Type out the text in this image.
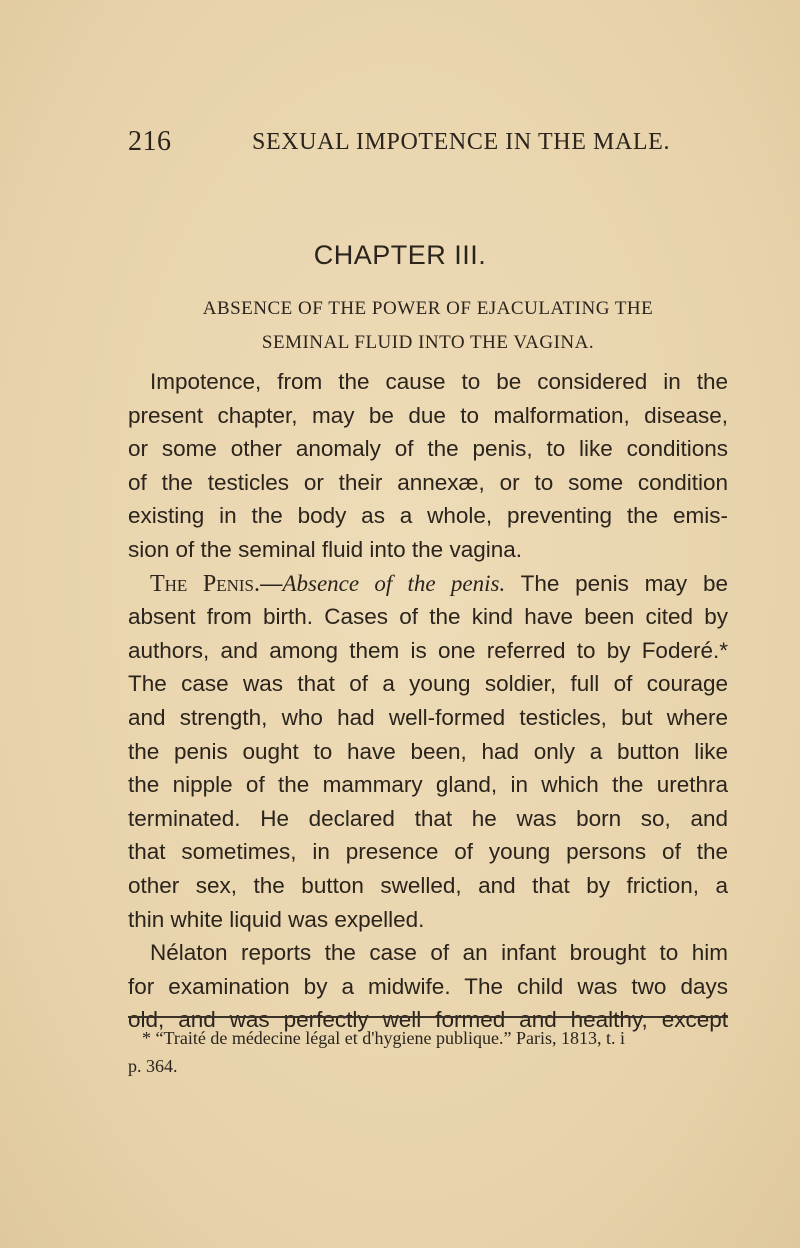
216	SEXUAL IMPOTENCE IN THE MALE.
CHAPTER III.
ABSENCE OF THE POWER OF EJACULATING THE
SEMINAL FLUID INTO THE VAGINA.
Impotence, from the cause to be considered in the
present chapter, may be due to malformation, disease,
or some other anomaly of the penis, to like conditions
of the testicles or their annexæ, or to some condition
existing in the body as a whole, preventing the emis-
sion of the seminal fluid into the vagina.
The Penis.—Absence of the penis. The penis may be
absent from birth. Cases of the kind have been cited by
authors, and among them is one referred to by Foderé.*
The case was that of a young soldier, full of courage
and strength, who had well-formed testicles, but where
the penis ought to have been, had only a button like
the nipple of the mammary gland, in which the urethra
terminated. He declared that he was born so, and
that sometimes, in presence of young persons of the
other sex, the button swelled, and that by friction, a
thin white liquid was expelled.
Nélaton reports the case of an infant brought to him
for examination by a midwife. The child was two days
old, and was perfectly well formed and healthy, except
* “Traité de médecine légal et d'hygiene publique.” Paris, 1813, t. i
p. 364.
